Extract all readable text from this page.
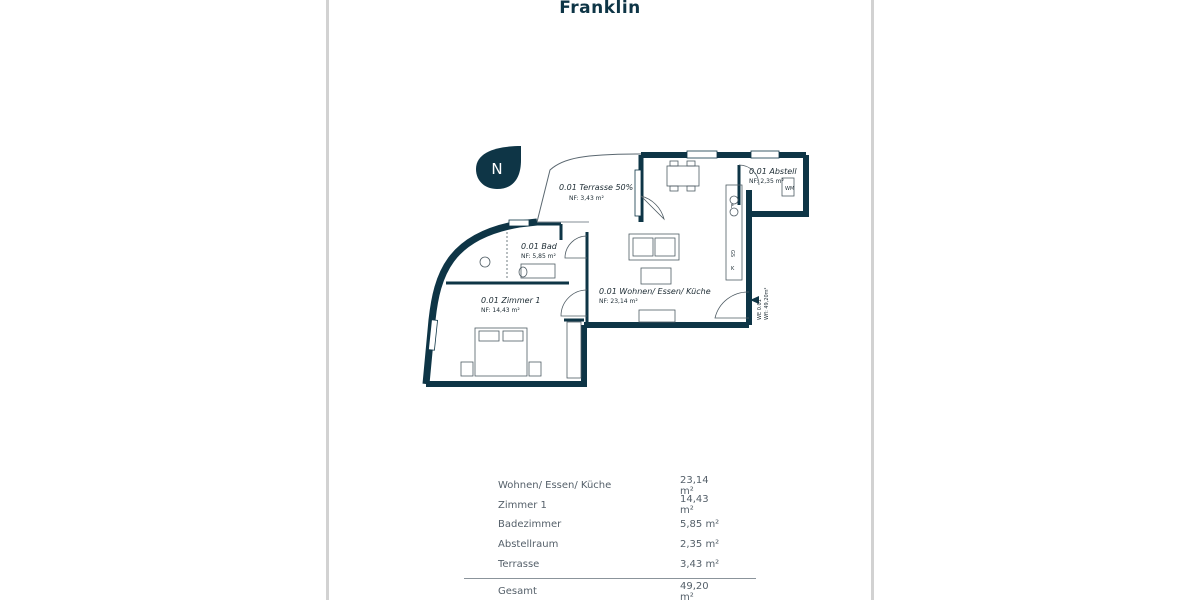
Franklin
N
0.01 Terrasse 50%
NF: 3,43 m²
0.01 Abstell
NF: 2,35 m²
0.01 Bad
NF: 5,85 m²
0.01 Wohnen/ Essen/ Küche
NF: 23,14 m²
0.01 Zimmer 1
NF: 14,43 m²
WM
GS
K
F
WE 0.01 Wfl: 49,20m²
Wohnen/ Essen/ Küche	23,14 m²
Zimmer 1	14,43 m²
Badezimmer	5,85 m²
Abstellraum	2,35 m²
Terrasse	3,43 m²
Gesamt	49,20 m²
